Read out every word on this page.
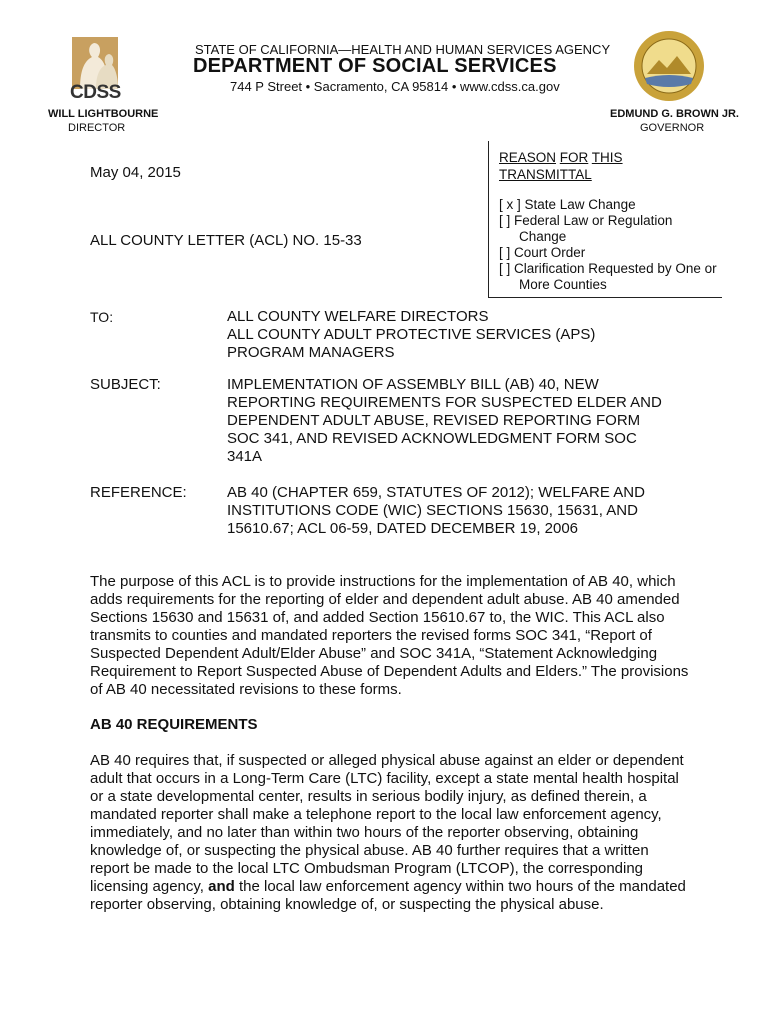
CDSS
WILL LIGHTBOURNE
DIRECTOR
STATE OF CALIFORNIA—HEALTH AND HUMAN SERVICES AGENCY
DEPARTMENT OF SOCIAL SERVICES
744 P Street • Sacramento, CA 95814 • www.cdss.ca.gov
EDMUND G. BROWN JR.
GOVERNOR
May 04, 2015
ALL COUNTY LETTER (ACL) NO. 15-33
REASON FOR THIS
TRANSMITTAL
[ x ] State Law Change
[ ] Federal Law or Regulation Change
[ ] Court Order
[ ] Clarification Requested by One or More Counties
TO:	ALL COUNTY WELFARE DIRECTORS
ALL COUNTY ADULT PROTECTIVE SERVICES (APS) PROGRAM MANAGERS
SUBJECT:	IMPLEMENTATION OF ASSEMBLY BILL (AB) 40, NEW REPORTING REQUIREMENTS FOR SUSPECTED ELDER AND DEPENDENT ADULT ABUSE, REVISED REPORTING FORM SOC 341, AND REVISED ACKNOWLEDGMENT FORM SOC 341A
REFERENCE:	AB 40 (CHAPTER 659, STATUTES OF 2012); WELFARE AND INSTITUTIONS CODE (WIC) SECTIONS 15630, 15631, AND 15610.67; ACL 06-59, DATED DECEMBER 19, 2006
The purpose of this ACL is to provide instructions for the implementation of AB 40, which adds requirements for the reporting of elder and dependent adult abuse. AB 40 amended Sections 15630 and 15631 of, and added Section 15610.67 to, the WIC. This ACL also transmits to counties and mandated reporters the revised forms SOC 341, “Report of Suspected Dependent Adult/Elder Abuse” and SOC 341A, “Statement Acknowledging Requirement to Report Suspected Abuse of Dependent Adults and Elders.” The provisions of AB 40 necessitated revisions to these forms.
AB 40 REQUIREMENTS
AB 40 requires that, if suspected or alleged physical abuse against an elder or dependent adult that occurs in a Long-Term Care (LTC) facility, except a state mental health hospital or a state developmental center, results in serious bodily injury, as defined therein, a mandated reporter shall make a telephone report to the local law enforcement agency, immediately, and no later than within two hours of the reporter observing, obtaining knowledge of, or suspecting the physical abuse. AB 40 further requires that a written report be made to the local LTC Ombudsman Program (LTCOP), the corresponding licensing agency, and the local law enforcement agency within two hours of the mandated reporter observing, obtaining knowledge of, or suspecting the physical abuse.
